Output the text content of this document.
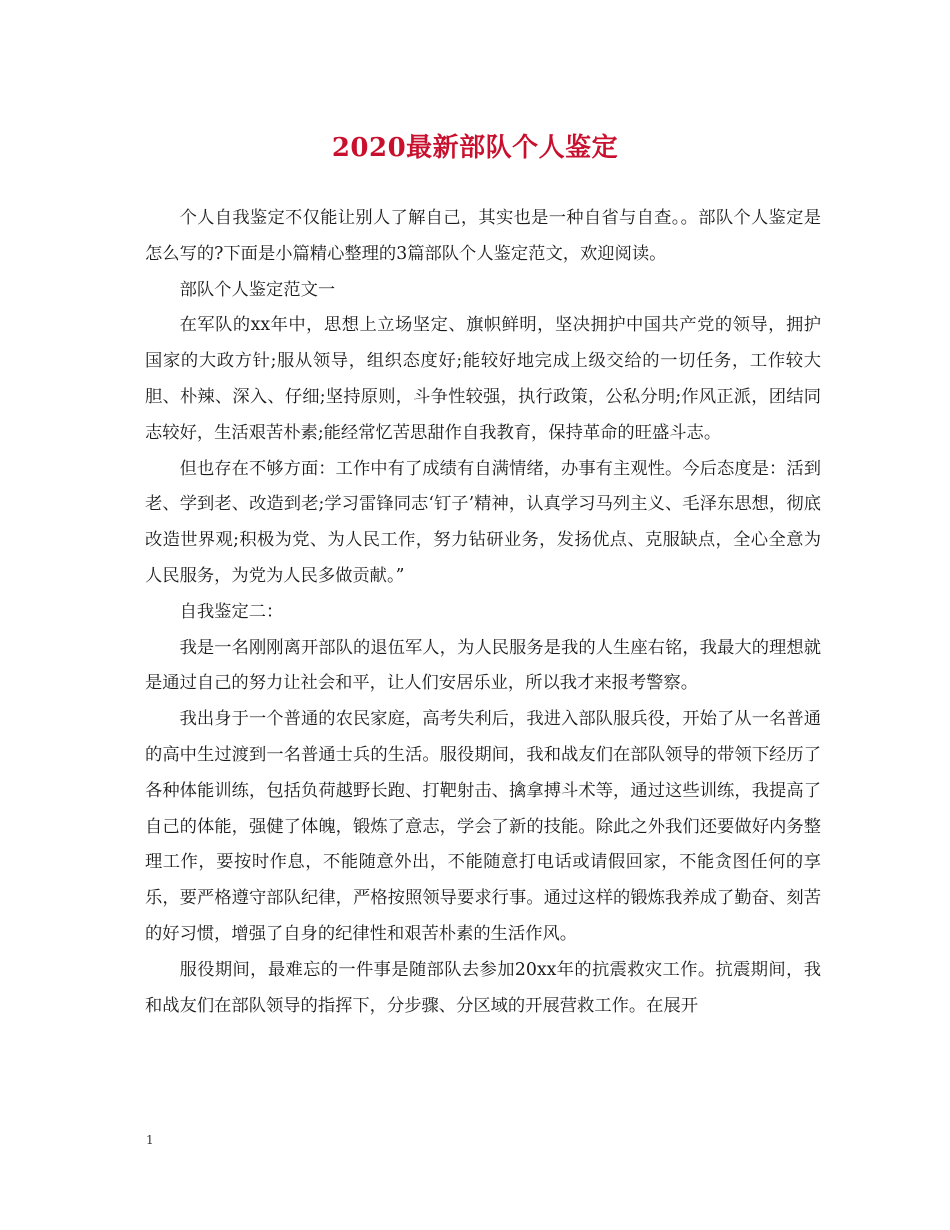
2020最新部队个人鉴定

个人自我鉴定不仅能让别人了解自己，其实也是一种自省与自查。。部队个人鉴定是怎么写的?下面是小篇精心整理的3篇部队个人鉴定范文，欢迎阅读。

部队个人鉴定范文一

在军队的xx年中，思想上立场坚定、旗帜鲜明，坚决拥护中国共产党的领导，拥护国家的大政方针;服从领导，组织态度好;能较好地完成上级交给的一切任务，工作较大胆、朴辣、深入、仔细;坚持原则，斗争性较强，执行政策，公私分明;作风正派，团结同志较好，生活艰苦朴素;能经常忆苦思甜作自我教育，保持革命的旺盛斗志。

但也存在不够方面：工作中有了成绩有自满情绪，办事有主观性。今后态度是：活到老、学到老、改造到老;学习雷锋同志‘钉子’精神，认真学习马列主义、毛泽东思想，彻底改造世界观;积极为党、为人民工作，努力钻研业务，发扬优点、克服缺点，全心全意为人民服务，为党为人民多做贡献。”

自我鉴定二：

我是一名刚刚离开部队的退伍军人，为人民服务是我的人生座右铭，我最大的理想就是通过自己的努力让社会和平，让人们安居乐业，所以我才来报考警察。

我出身于一个普通的农民家庭，高考失利后，我进入部队服兵役，开始了从一名普通的高中生过渡到一名普通士兵的生活。服役期间，我和战友们在部队领导的带领下经历了各种体能训练，包括负荷越野长跑、打靶射击、擒拿搏斗术等，通过这些训练，我提高了自己的体能，强健了体魄，锻炼了意志，学会了新的技能。除此之外我们还要做好内务整理工作，要按时作息，不能随意外出，不能随意打电话或请假回家，不能贪图任何的享乐，要严格遵守部队纪律，严格按照领导要求行事。通过这样的锻炼我养成了勤奋、刻苦的好习惯，增强了自身的纪律性和艰苦朴素的生活作风。

服役期间，最难忘的一件事是随部队去参加20xx年的抗震救灾工作。抗震期间，我和战友们在部队领导的指挥下，分步骤、分区域的开展营救工作。在展开

1
